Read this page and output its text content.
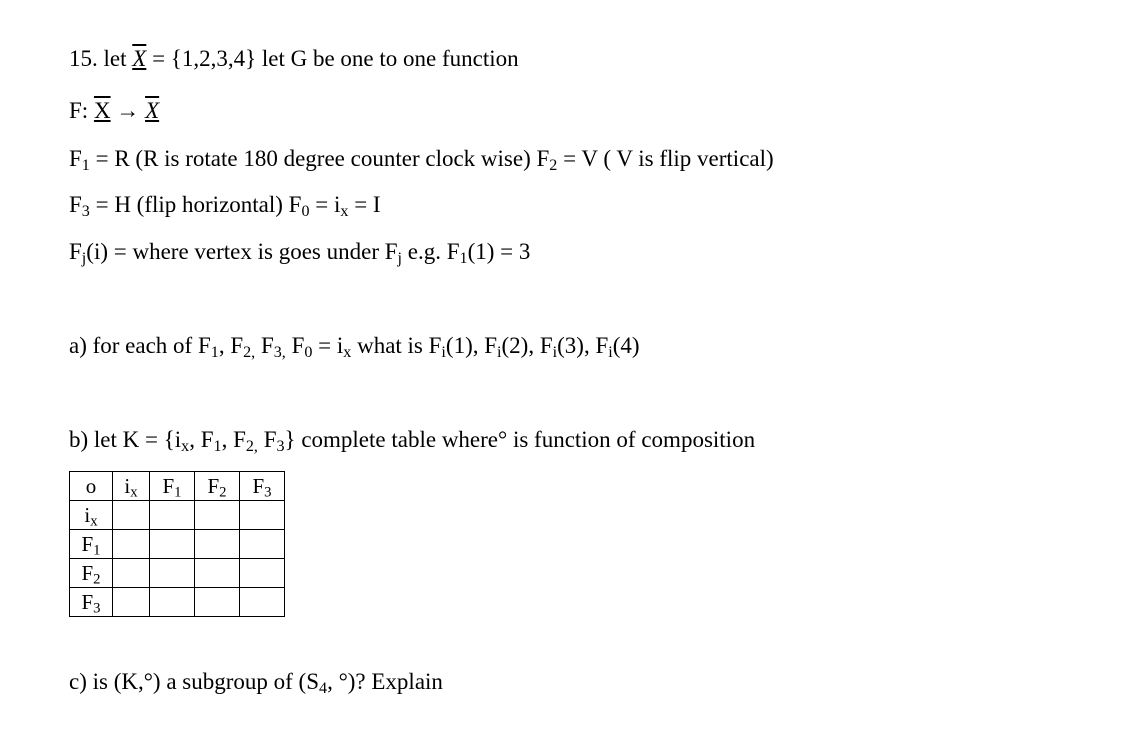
15. let X = {1,2,3,4} let G be one to one function
F: X → X
$F_1 = R$ (R is rotate 180 degree counter clock wise) $F_2 = V$ ( V is flip vertical)
$F_3 = H$ (flip horizontal) $F_0 = i_x = I$
$F_j(i)$ = where vertex is goes under $F_j$ e.g. $F_1(1) = 3$
a) for each of $F_1$, $F_{2,}$ $F_{3,}$ $F_0 = i_x$ what is $F_i(1)$, $F_i(2)$, $F_i(3)$, $F_i(4)$
b) let $K = \{i_x$, $F_1$, $F_{2,}$ $F_3$} complete table where° is function of composition
o	$i_x$	$F_1$	$F_2$	$F_3$
$i_x$				
$F_1$				
$F_2$				
$F_3$				
c) is (K,°) a subgroup of ($S_4$, °)? Explain
